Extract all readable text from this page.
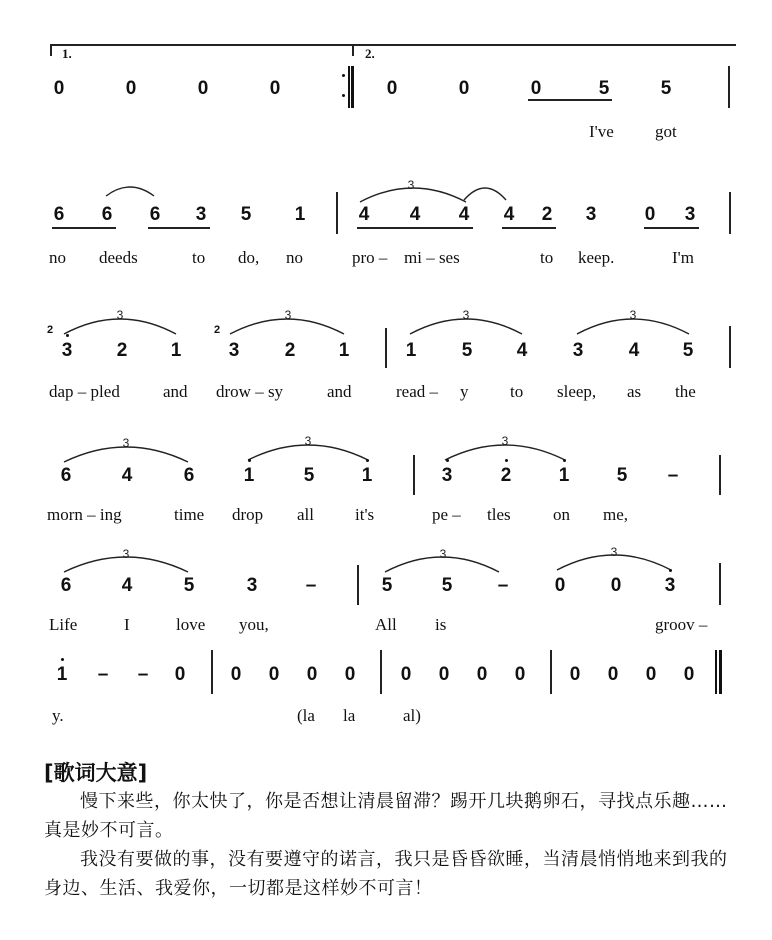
1.	2.
0	0	0	0	0	0	0	5	5
I've got
6 6 6 3 5 1
3
4 4 4 4 2 3	0 3
no deeds	to do, no	pro – mi – ses	to keep.	I'm
3
2
3 2 1
3
2
3 2 1
3
1 5 4
3
3 4 5
dap – pled	and drow – sy	and	read – y to sleep, as the
3
6	4	6
3
1	5 1
3
3	2 1 5 –
morn – ing	time drop all it's	pe – tles on me,
3
6	4	5	3	–
3
5	5 –
3
0 0 3
Life	I	love you,	All is	groov –
1 – – 0 0 0 0 0 0 0 0 0 0 0 0 0
y.	(la la	al)
[歌词大意]
慢下来些，你太快了，你是否想让清晨留滞？踢开几块鹅卵石，寻找点乐趣……真是妙不可言。
我没有要做的事，没有要遵守的诺言，我只是昏昏欲睡，当清晨悄悄地来到我的身边、生活、我爱你，一切都是这样妙不可言！
